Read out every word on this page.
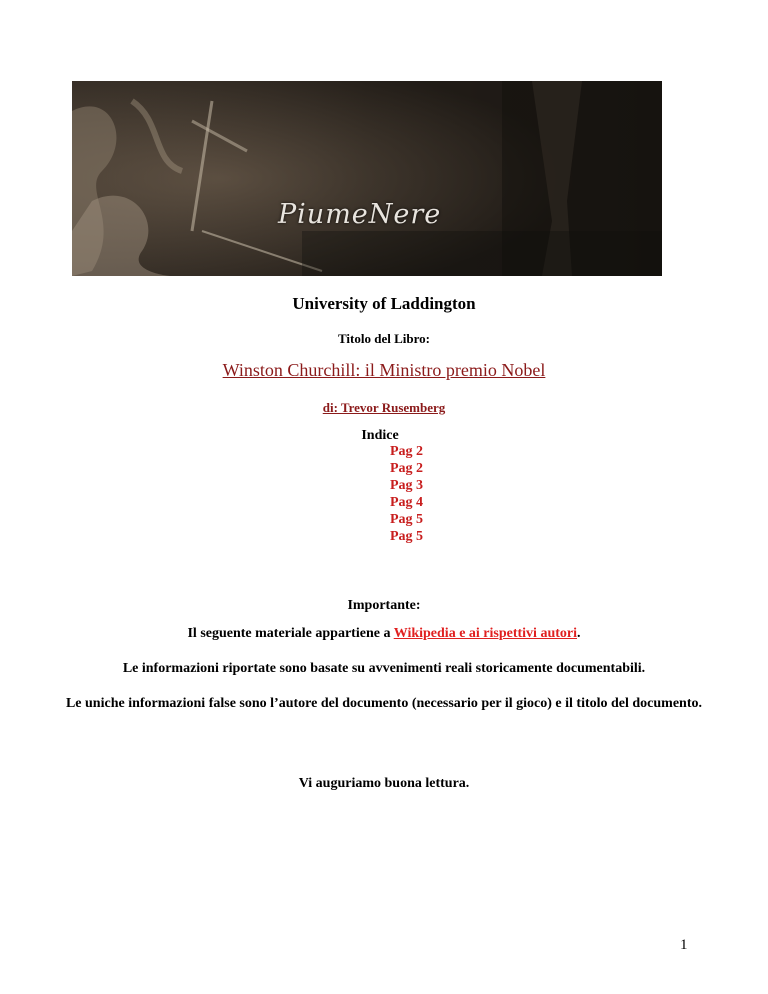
PiumeNere
University of Laddington
Titolo del Libro:
Winston Churchill: il Ministro premio Nobel
di: Trevor Rusemberg
Indice
Pag 2
Pag 2
Pag 3
Pag 4
Pag 5
Pag 5
Importante:
Il seguente materiale appartiene a Wikipedia e ai rispettivi autori.
Le informazioni riportate sono basate su avvenimenti reali storicamente documentabili.
Le uniche informazioni false sono l’autore del documento (necessario per il gioco) e il titolo del documento.
Vi auguriamo buona lettura.
1
